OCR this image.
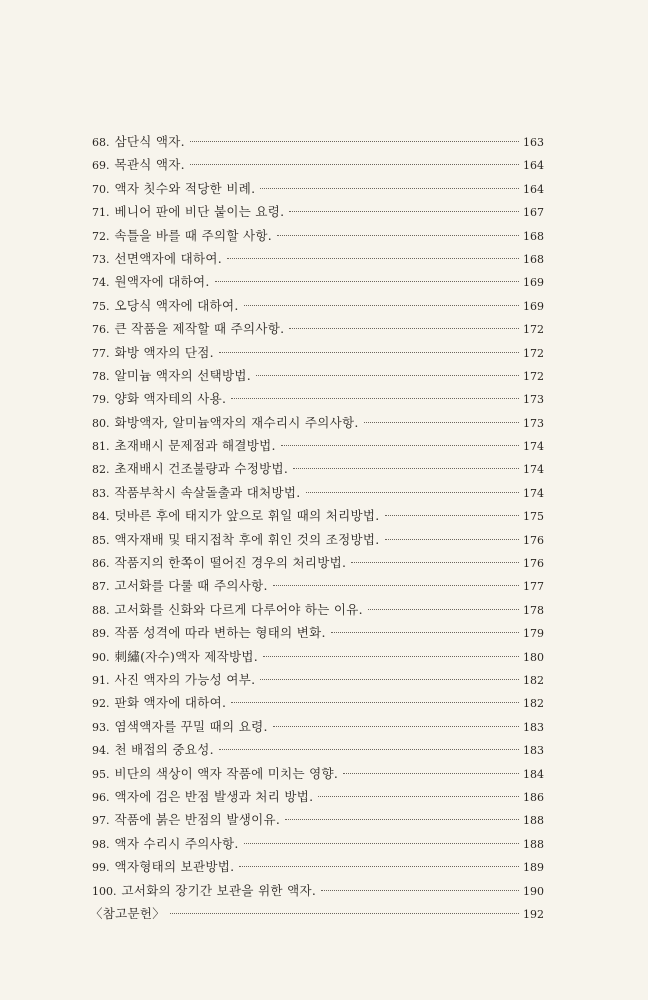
68. 삼단식 액자.	163
69. 목관식 액자.	164
70. 액자 칫수와 적당한 비례.	164
71. 베니어 판에 비단 붙이는 요령.	167
72. 속틀을 바를 때 주의할 사항.	168
73. 선면액자에 대하여.	168
74. 원액자에 대하여.	169
75. 오당식 액자에 대하여.	169
76. 큰 작품을 제작할 때 주의사항.	172
77. 화방 액자의 단점.	172
78. 알미늄 액자의 선택방법.	172
79. 양화 액자테의 사용.	173
80. 화방액자, 알미늄액자의 재수리시 주의사항.	173
81. 초재배시 문제점과 해결방법.	174
82. 초재배시 건조불량과 수정방법.	174
83. 작품부착시 속살돌출과 대처방법.	174
84. 덧바른 후에 태지가 앞으로 휘일 때의 처리방법.	175
85. 액자재배 및 태지접착 후에 휘인 것의 조정방법.	176
86. 작품지의 한쪽이 떨어진 경우의 처리방법.	176
87. 고서화를 다룰 때 주의사항.	177
88. 고서화를 신화와 다르게 다루어야 하는 이유.	178
89. 작품 성격에 따라 변하는 형태의 변화.	179
90. 刺繡(자수)액자 제작방법.	180
91. 사진 액자의 가능성 여부.	182
92. 판화 액자에 대하여.	182
93. 염색액자를 꾸밀 때의 요령.	183
94. 천 배접의 중요성.	183
95. 비단의 색상이 액자 작품에 미치는 영향.	184
96. 액자에 검은 반점 발생과 처리 방법.	186
97. 작품에 붉은 반점의 발생이유.	188
98. 액자 수리시 주의사항.	188
99. 액자형태의 보관방법.	189
100. 고서화의 장기간 보관을 위한 액자.	190
〈참고문헌〉	192
